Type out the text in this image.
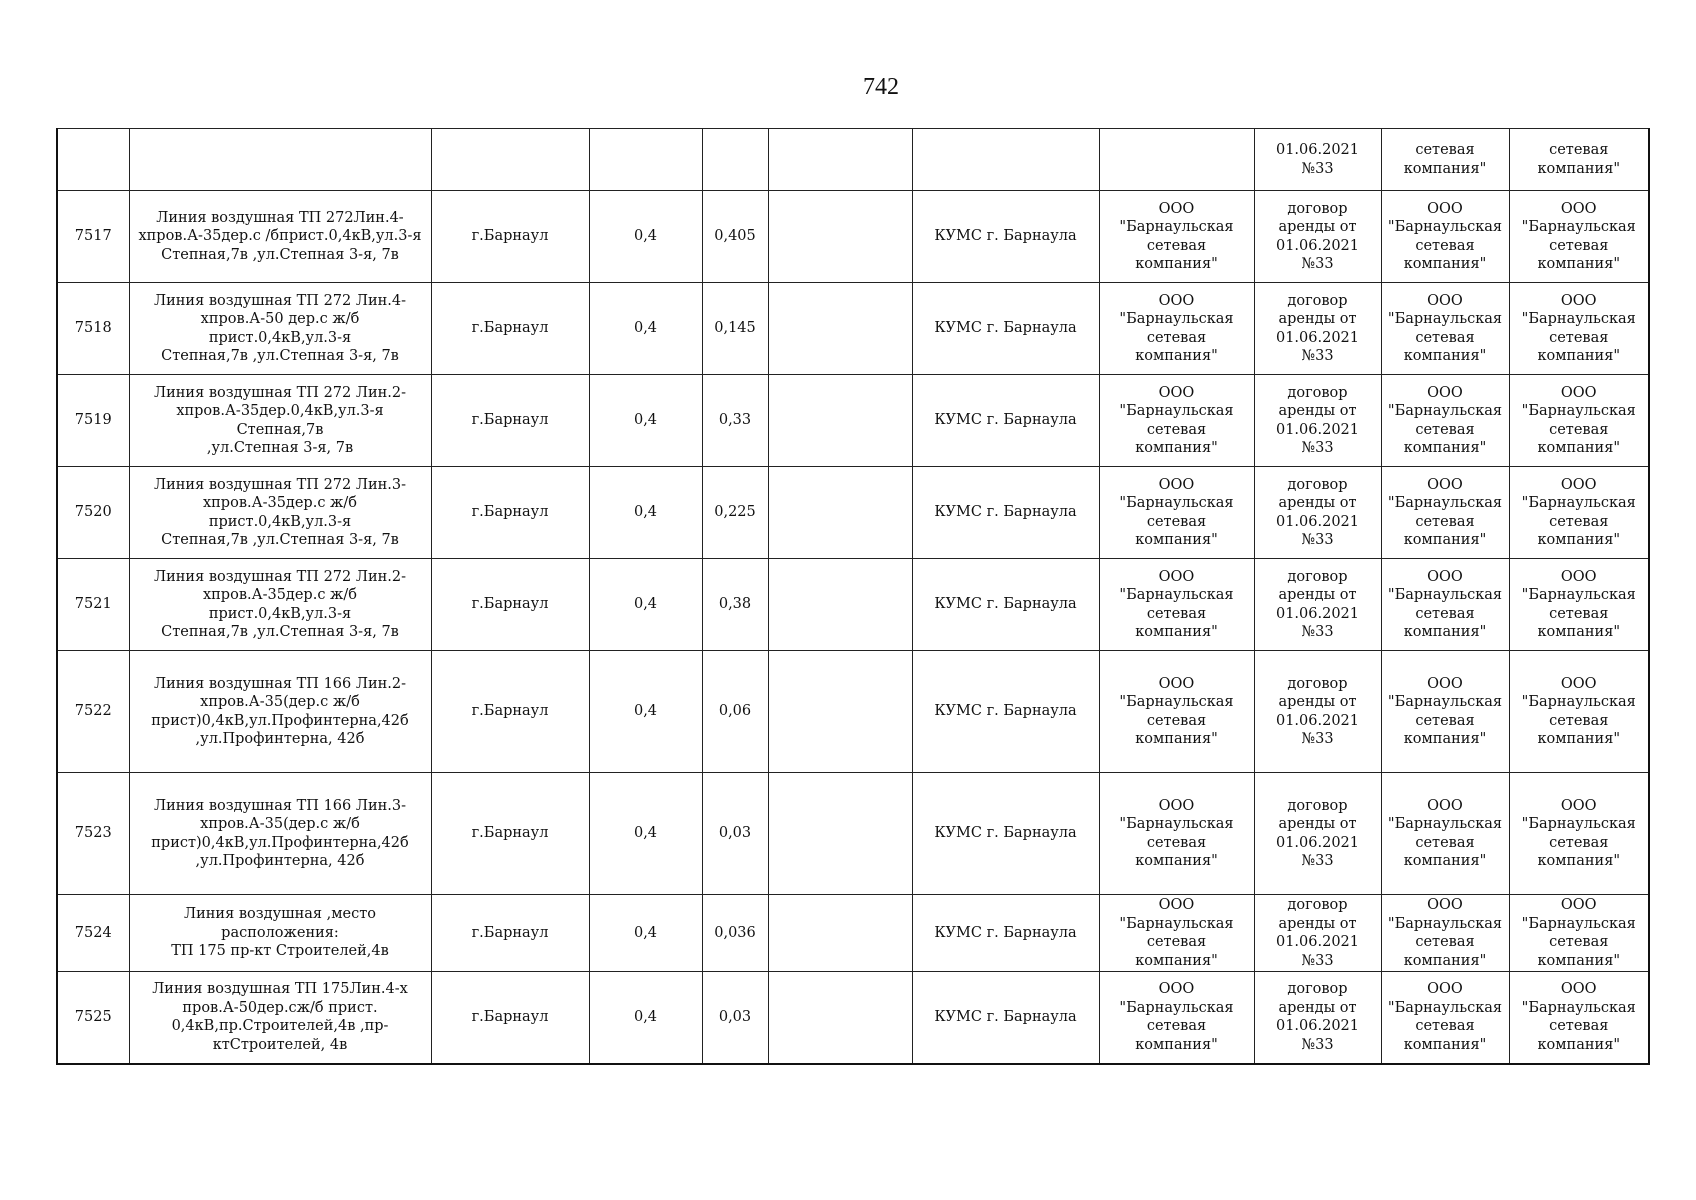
742

								01.06.2021
№33	сетевая
компания"	сетевая
компания"

7517	Линия воздушная ТП 272Лин.4-
хпров.А-35дер.с /бприст.0,4кВ,ул.3-я
Степная,7в ,ул.Степная 3-я, 7в	г.Барнаул	0,4	0,405		КУМС г. Барнаула	ООО
"Барнаульская
сетевая компания"	договор
аренды от
01.06.2021
№33	ООО
"Барнаульская
сетевая
компания"	ООО
"Барнаульская
сетевая
компания"

7518	Линия воздушная ТП 272 Лин.4-
хпров.А-50 дер.с ж/б прист.0,4кВ,ул.3-я
Степная,7в ,ул.Степная 3-я, 7в	г.Барнаул	0,4	0,145		КУМС г. Барнаула	ООО
"Барнаульская
сетевая компания"	договор
аренды от
01.06.2021
№33	ООО
"Барнаульская
сетевая
компания"	ООО
"Барнаульская
сетевая
компания"

7519	Линия воздушная ТП 272 Лин.2-
хпров.А-35дер.0,4кВ,ул.3-я Степная,7в
,ул.Степная 3-я, 7в	г.Барнаул	0,4	0,33		КУМС г. Барнаула	ООО
"Барнаульская
сетевая компания"	договор
аренды от
01.06.2021
№33	ООО
"Барнаульская
сетевая
компания"	ООО
"Барнаульская
сетевая
компания"

7520	Линия воздушная ТП 272 Лин.3-
хпров.А-35дер.с ж/б прист.0,4кВ,ул.3-я
Степная,7в ,ул.Степная 3-я, 7в	г.Барнаул	0,4	0,225		КУМС г. Барнаула	ООО
"Барнаульская
сетевая компания"	договор
аренды от
01.06.2021
№33	ООО
"Барнаульская
сетевая
компания"	ООО
"Барнаульская
сетевая
компания"

7521	Линия воздушная ТП 272 Лин.2-
хпров.А-35дер.с ж/б прист.0,4кВ,ул.3-я
Степная,7в ,ул.Степная 3-я, 7в	г.Барнаул	0,4	0,38		КУМС г. Барнаула	ООО
"Барнаульская
сетевая компания"	договор
аренды от
01.06.2021
№33	ООО
"Барнаульская
сетевая
компания"	ООО
"Барнаульская
сетевая
компания"

7522	Линия воздушная ТП 166 Лин.2-
хпров.А-35(дер.с ж/б
прист)0,4кВ,ул.Профинтерна,42б
,ул.Профинтерна, 42б	г.Барнаул	0,4	0,06		КУМС г. Барнаула	ООО
"Барнаульская
сетевая компания"	договор
аренды от
01.06.2021
№33	ООО
"Барнаульская
сетевая
компания"	ООО
"Барнаульская
сетевая
компания"

7523	Линия воздушная ТП 166 Лин.3-
хпров.А-35(дер.с ж/б
прист)0,4кВ,ул.Профинтерна,42б
,ул.Профинтерна, 42б	г.Барнаул	0,4	0,03		КУМС г. Барнаула	ООО
"Барнаульская
сетевая компания"	договор
аренды от
01.06.2021
№33	ООО
"Барнаульская
сетевая
компания"	ООО
"Барнаульская
сетевая
компания"

7524	Линия воздушная ,место расположения:
ТП 175 пр-кт Строителей,4в	г.Барнаул	0,4	0,036		КУМС г. Барнаула	ООО
"Барнаульская
сетевая компания"	договор
аренды от
01.06.2021
№33	ООО
"Барнаульская
сетевая
компания"	ООО
"Барнаульская
сетевая
компания"

7525	Линия воздушная ТП 175Лин.4-х
пров.А-50дер.сж/б прист.
0,4кВ,пр.Строителей,4в ,пр-
ктСтроителей, 4в	г.Барнаул	0,4	0,03		КУМС г. Барнаула	ООО
"Барнаульская
сетевая компания"	договор
аренды от
01.06.2021
№33	ООО
"Барнаульская
сетевая
компания"	ООО
"Барнаульская
сетевая
компания"
